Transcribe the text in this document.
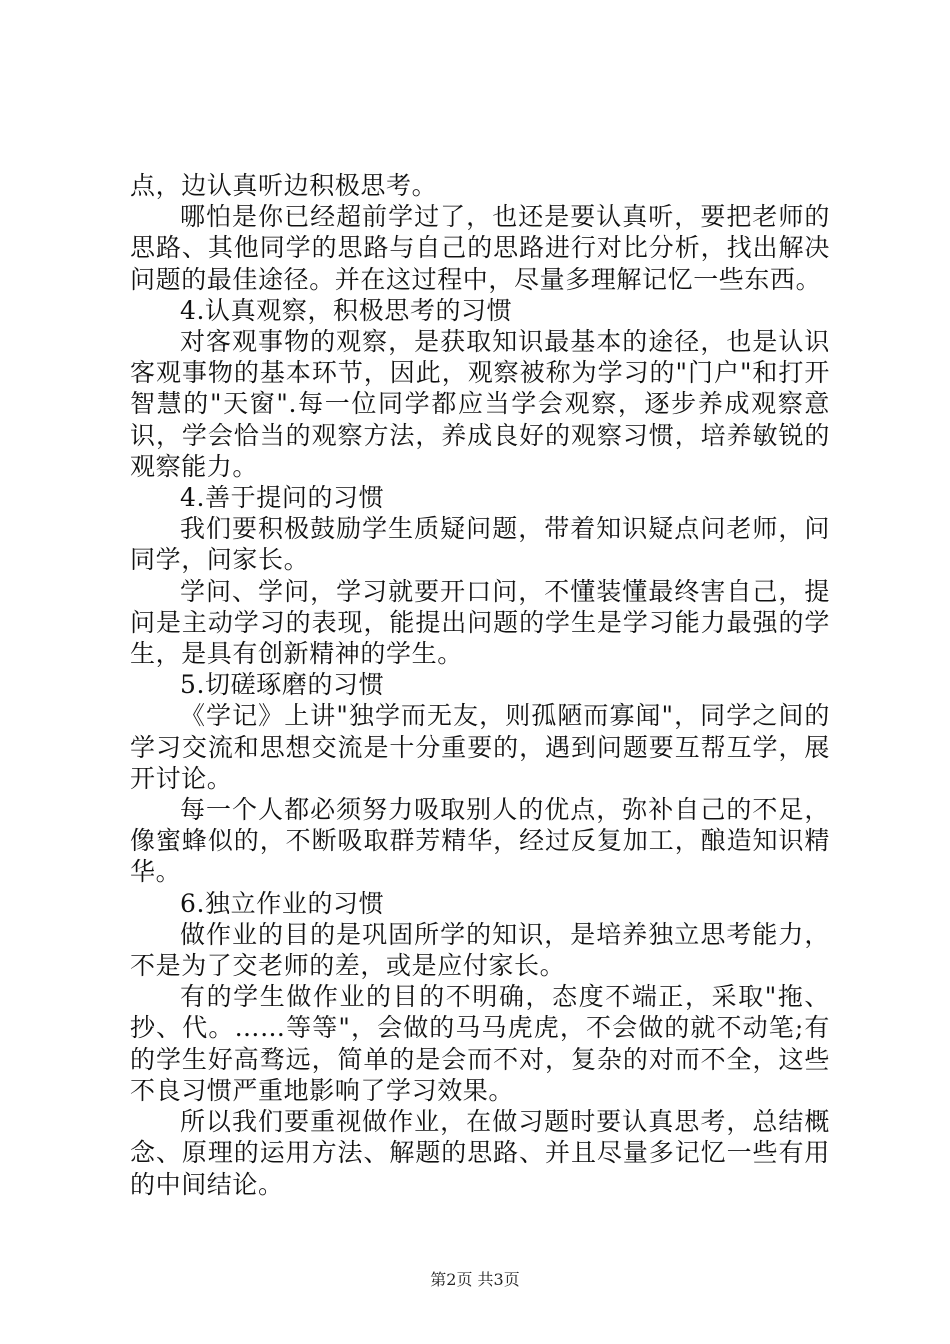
点，边认真听边积极思考。

哪怕是你已经超前学过了，也还是要认真听，要把老师的思路、其他同学的思路与自己的思路进行对比分析，找出解决问题的最佳途径。并在这过程中，尽量多理解记忆一些东西。

4.认真观察，积极思考的习惯

对客观事物的观察，是获取知识最基本的途径，也是认识客观事物的基本环节，因此，观察被称为学习的"门户"和打开智慧的"天窗".每一位同学都应当学会观察，逐步养成观察意识，学会恰当的观察方法，养成良好的观察习惯，培养敏锐的观察能力。

4.善于提问的习惯

我们要积极鼓励学生质疑问题，带着知识疑点问老师，问同学，问家长。

学问、学问，学习就要开口问，不懂装懂最终害自己，提问是主动学习的表现，能提出问题的学生是学习能力最强的学生，是具有创新精神的学生。

5.切磋琢磨的习惯

《学记》上讲"独学而无友，则孤陋而寡闻"，同学之间的学习交流和思想交流是十分重要的，遇到问题要互帮互学，展开讨论。

每一个人都必须努力吸取别人的优点，弥补自己的不足，像蜜蜂似的，不断吸取群芳精华，经过反复加工，酿造知识精华。

6.独立作业的习惯

做作业的目的是巩固所学的知识，是培养独立思考能力，不是为了交老师的差，或是应付家长。

有的学生做作业的目的不明确，态度不端正，采取"拖、抄、代。……等等"，会做的马马虎虎，不会做的就不动笔;有的学生好高骛远，简单的是会而不对，复杂的对而不全，这些不良习惯严重地影响了学习效果。

所以我们要重视做作业，在做习题时要认真思考，总结概念、原理的运用方法、解题的思路、并且尽量多记忆一些有用的中间结论。

第2页 共3页
